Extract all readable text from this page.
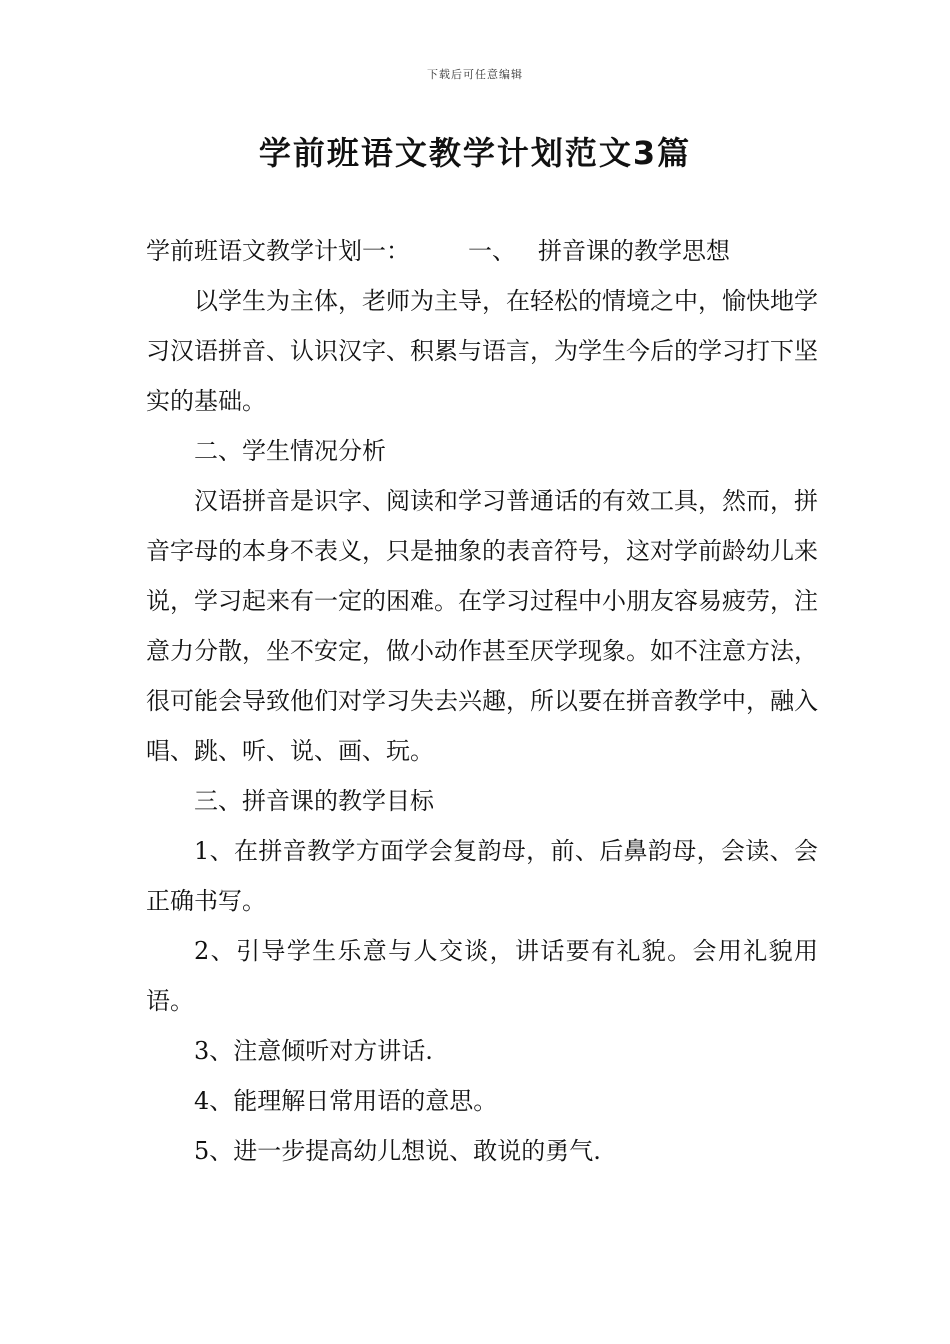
下载后可任意编辑
学前班语文教学计划范文3篇

学前班语文教学计划一： 一、 拼音课的教学思想

以学生为主体，老师为主导，在轻松的情境之中，愉快地学习汉语拼音、认识汉字、积累与语言，为学生今后的学习打下坚实的基础。

二、学生情况分析

汉语拼音是识字、阅读和学习普通话的有效工具，然而，拼音字母的本身不表义，只是抽象的表音符号，这对学前龄幼儿来说，学习起来有一定的困难。在学习过程中小朋友容易疲劳，注意力分散，坐不安定，做小动作甚至厌学现象。如不注意方法，很可能会导致他们对学习失去兴趣，所以要在拼音教学中，融入唱、跳、听、说、画、玩。

三、拼音课的教学目标

1、在拼音教学方面学会复韵母，前、后鼻韵母，会读、会正确书写。

2、引导学生乐意与人交谈，讲话要有礼貌。会用礼貌用语。

3、注意倾听对方讲话.

4、能理解日常用语的意思。

5、进一步提高幼儿想说、敢说的勇气.
